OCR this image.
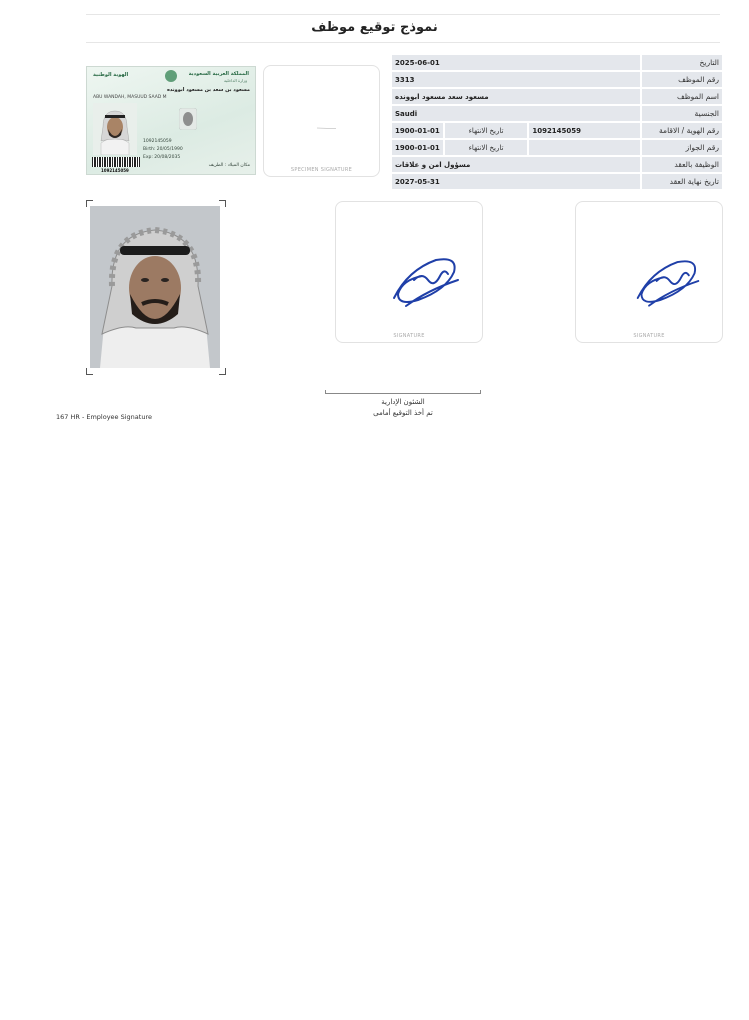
نموذج توقيع موظف
التاريخ	2025-06-01		
رقم الموظف	3313		
اسم الموظف	مسعود سعد مسعود ابوونده		
الجنسية	Saudi		
رقم الهوية / الاقامة	1092145059	تاريخ الانتهاء	1900-01-01
رقم الجواز		تاريخ الانتهاء	1900-01-01
الوظيفة بالعقد	مسؤول امن و علاقات		
تاريخ نهاية العقد	2027-05-31		
الهوية الوطنية	المملكة العربية السعودية
وزارة الداخلية
مسعود بن سعد بن مسعود ابوونده
ABU WANDAH, MASUUD SAAD M
1092145059
Birth: 20/05/1990
Exp: 20/08/2035
مكان الميلاد : الطريف
1092145059	SPECIMEN SIGNATURE
SIGNATURE	SIGNATURE
الشئون الإدارية
تم أخذ التوقيع أمامى
167 HR - Employee Signature
